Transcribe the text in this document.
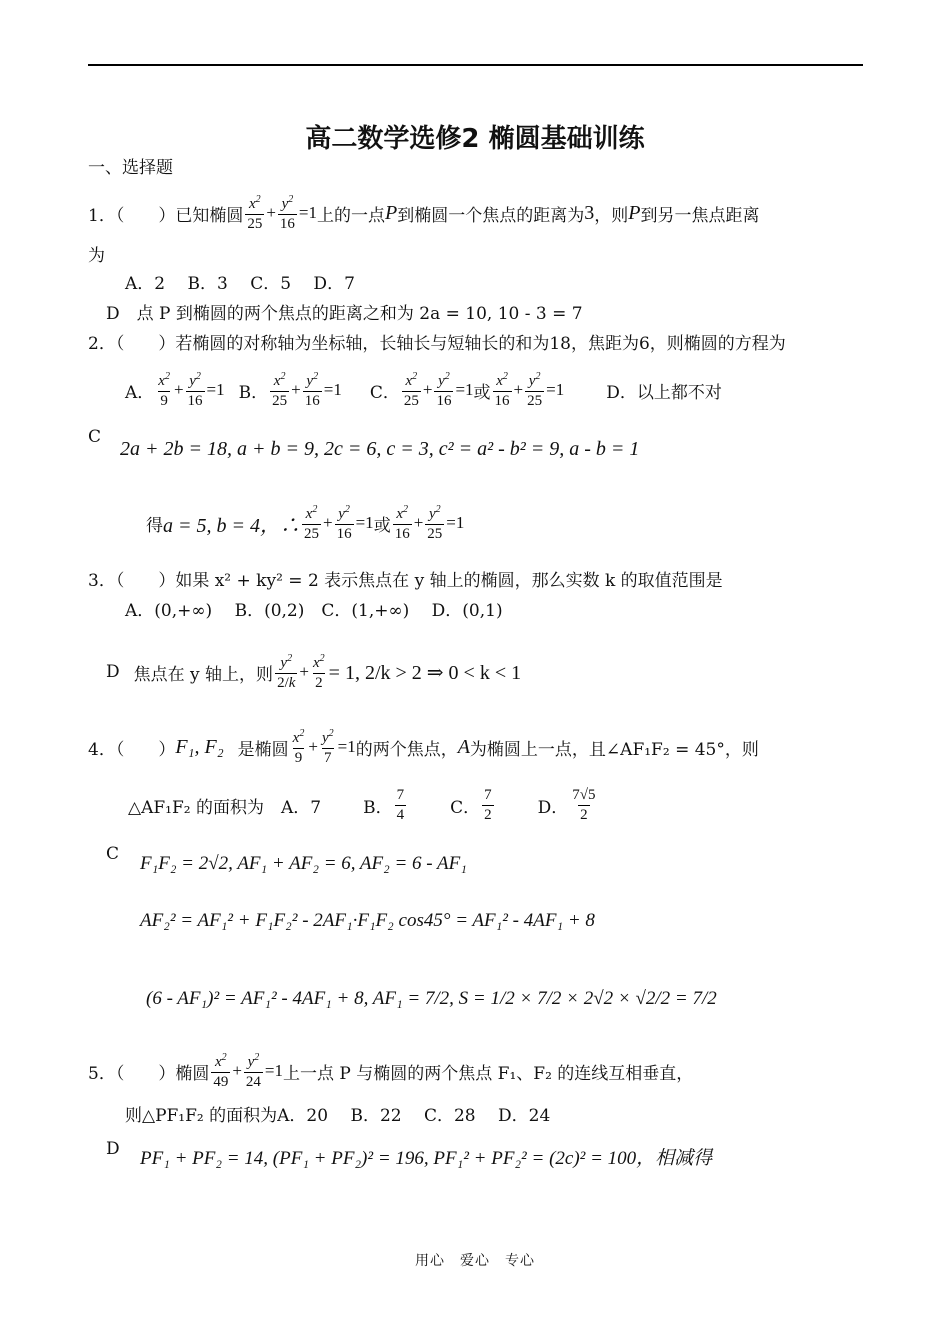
高二数学选修2 椭圆基础训练
一、选择题
1．（　　）已知椭圆 $\frac{x^2}{25} + \frac{y^2}{16} =1$ 上的一点 P 到椭圆一个焦点的距离为 3 ，则 P 到另一焦点距离
为
A．2　 B．3　 C．5　 D．7
D　点 P 到椭圆的两个焦点的距离之和为 2a = 10, 10 - 3 = 7
2．（　　）若椭圆的对称轴为坐标轴，长轴长与短轴长的和为18，焦距为6，则椭圆的方程为
A． $\frac{x^2}{9} + \frac{y^2}{16} =1$ B． $\frac{x^2}{25} + \frac{y^2}{16} =1$ C． $\frac{x^2}{25} + \frac{y^2}{16} =1$ 或 $\frac{x^2}{16} + \frac{y^2}{25} =1$ D．以上都不对
C
2a + 2b = 18, a + b = 9, 2c = 6, c = 3, c² = a² - b² = 9, a - b = 1
得 a = 5, b = 4，∴ $\frac{x^2}{25} + \frac{y^2}{16} =1$ 或 $\frac{x^2}{16} + \frac{y^2}{25} =1$
3．（　　）如果 x² + ky² = 2 表示焦点在 y 轴上的椭圆，那么实数 k 的取值范围是
A．(0,+∞)　 B．(0,2)　C．(1,+∞)　 D．(0,1)
D 焦点在 y 轴上，则 $\frac{y^2}{2/k} + \frac{x^2}{2} = 1$, 2/k > 2 ⇒ 0 < k < 1
4．（　　） F₁, F₂ 是椭圆 $\frac{x^2}{9} + \frac{y^2}{7} =1$ 的两个焦点， A 为椭圆上一点，且∠AF₁F₂ = 45°，则
△AF₁F₂ 的面积为　A．7 B． $\frac{7}{4}$	C． $\frac{7}{2}$	D． $\frac{7√5}{2}$
C F₁F₂ = 2√2, AF₁ + AF₂ = 6, AF₂ = 6 - AF₁
AF₂² = AF₁² + F₁F₂² - 2AF₁·F₁F₂ cos45° = AF₁² - 4AF₁ + 8
(6 - AF₁)² = AF₁² - 4AF₁ + 8, AF₁ = 7/2, S = 1/2 × 7/2 × 2√2 × √2/2 = 7/2
5．（　　）椭圆 $\frac{x^2}{49} + \frac{y^2}{24} =1$ 上一点 P 与椭圆的两个焦点 F₁、F₂ 的连线互相垂直，
则△PF₁F₂ 的面积为A．20　 B．22　 C．28　 D．24
D PF₁ + PF₂ = 14, (PF₁ + PF₂)² = 196, PF₁² + PF₂² = (2c)² = 100，相减得
用心　爱心　专心
